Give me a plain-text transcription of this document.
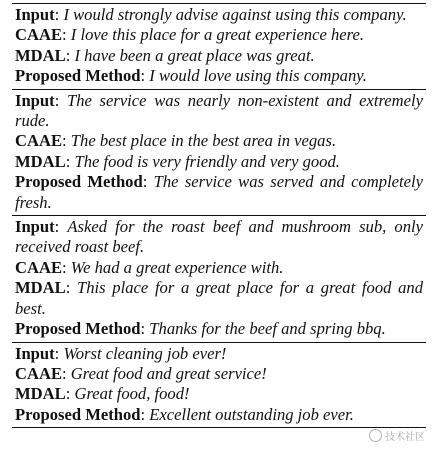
Input: I would strongly advise against using this company.

CAAE: I love this place for a great experience here.

MDAL: I have been a great place was great.

Proposed Method: I would love using this company.

Input: The service was nearly non-existent and extremely rude.

CAAE: The best place in the best area in vegas.

MDAL: The food is very friendly and very good.

Proposed Method: The service was served and completely fresh.

Input: Asked for the roast beef and mushroom sub, only received roast beef.

CAAE: We had a great experience with.

MDAL: This place for a great place for a great food and best.

Proposed Method: Thanks for the beef and spring bbq.

Input: Worst cleaning job ever!

CAAE: Great food and great service!

MDAL: Great food, food!

Proposed Method: Excellent outstanding job ever.

技术社区
